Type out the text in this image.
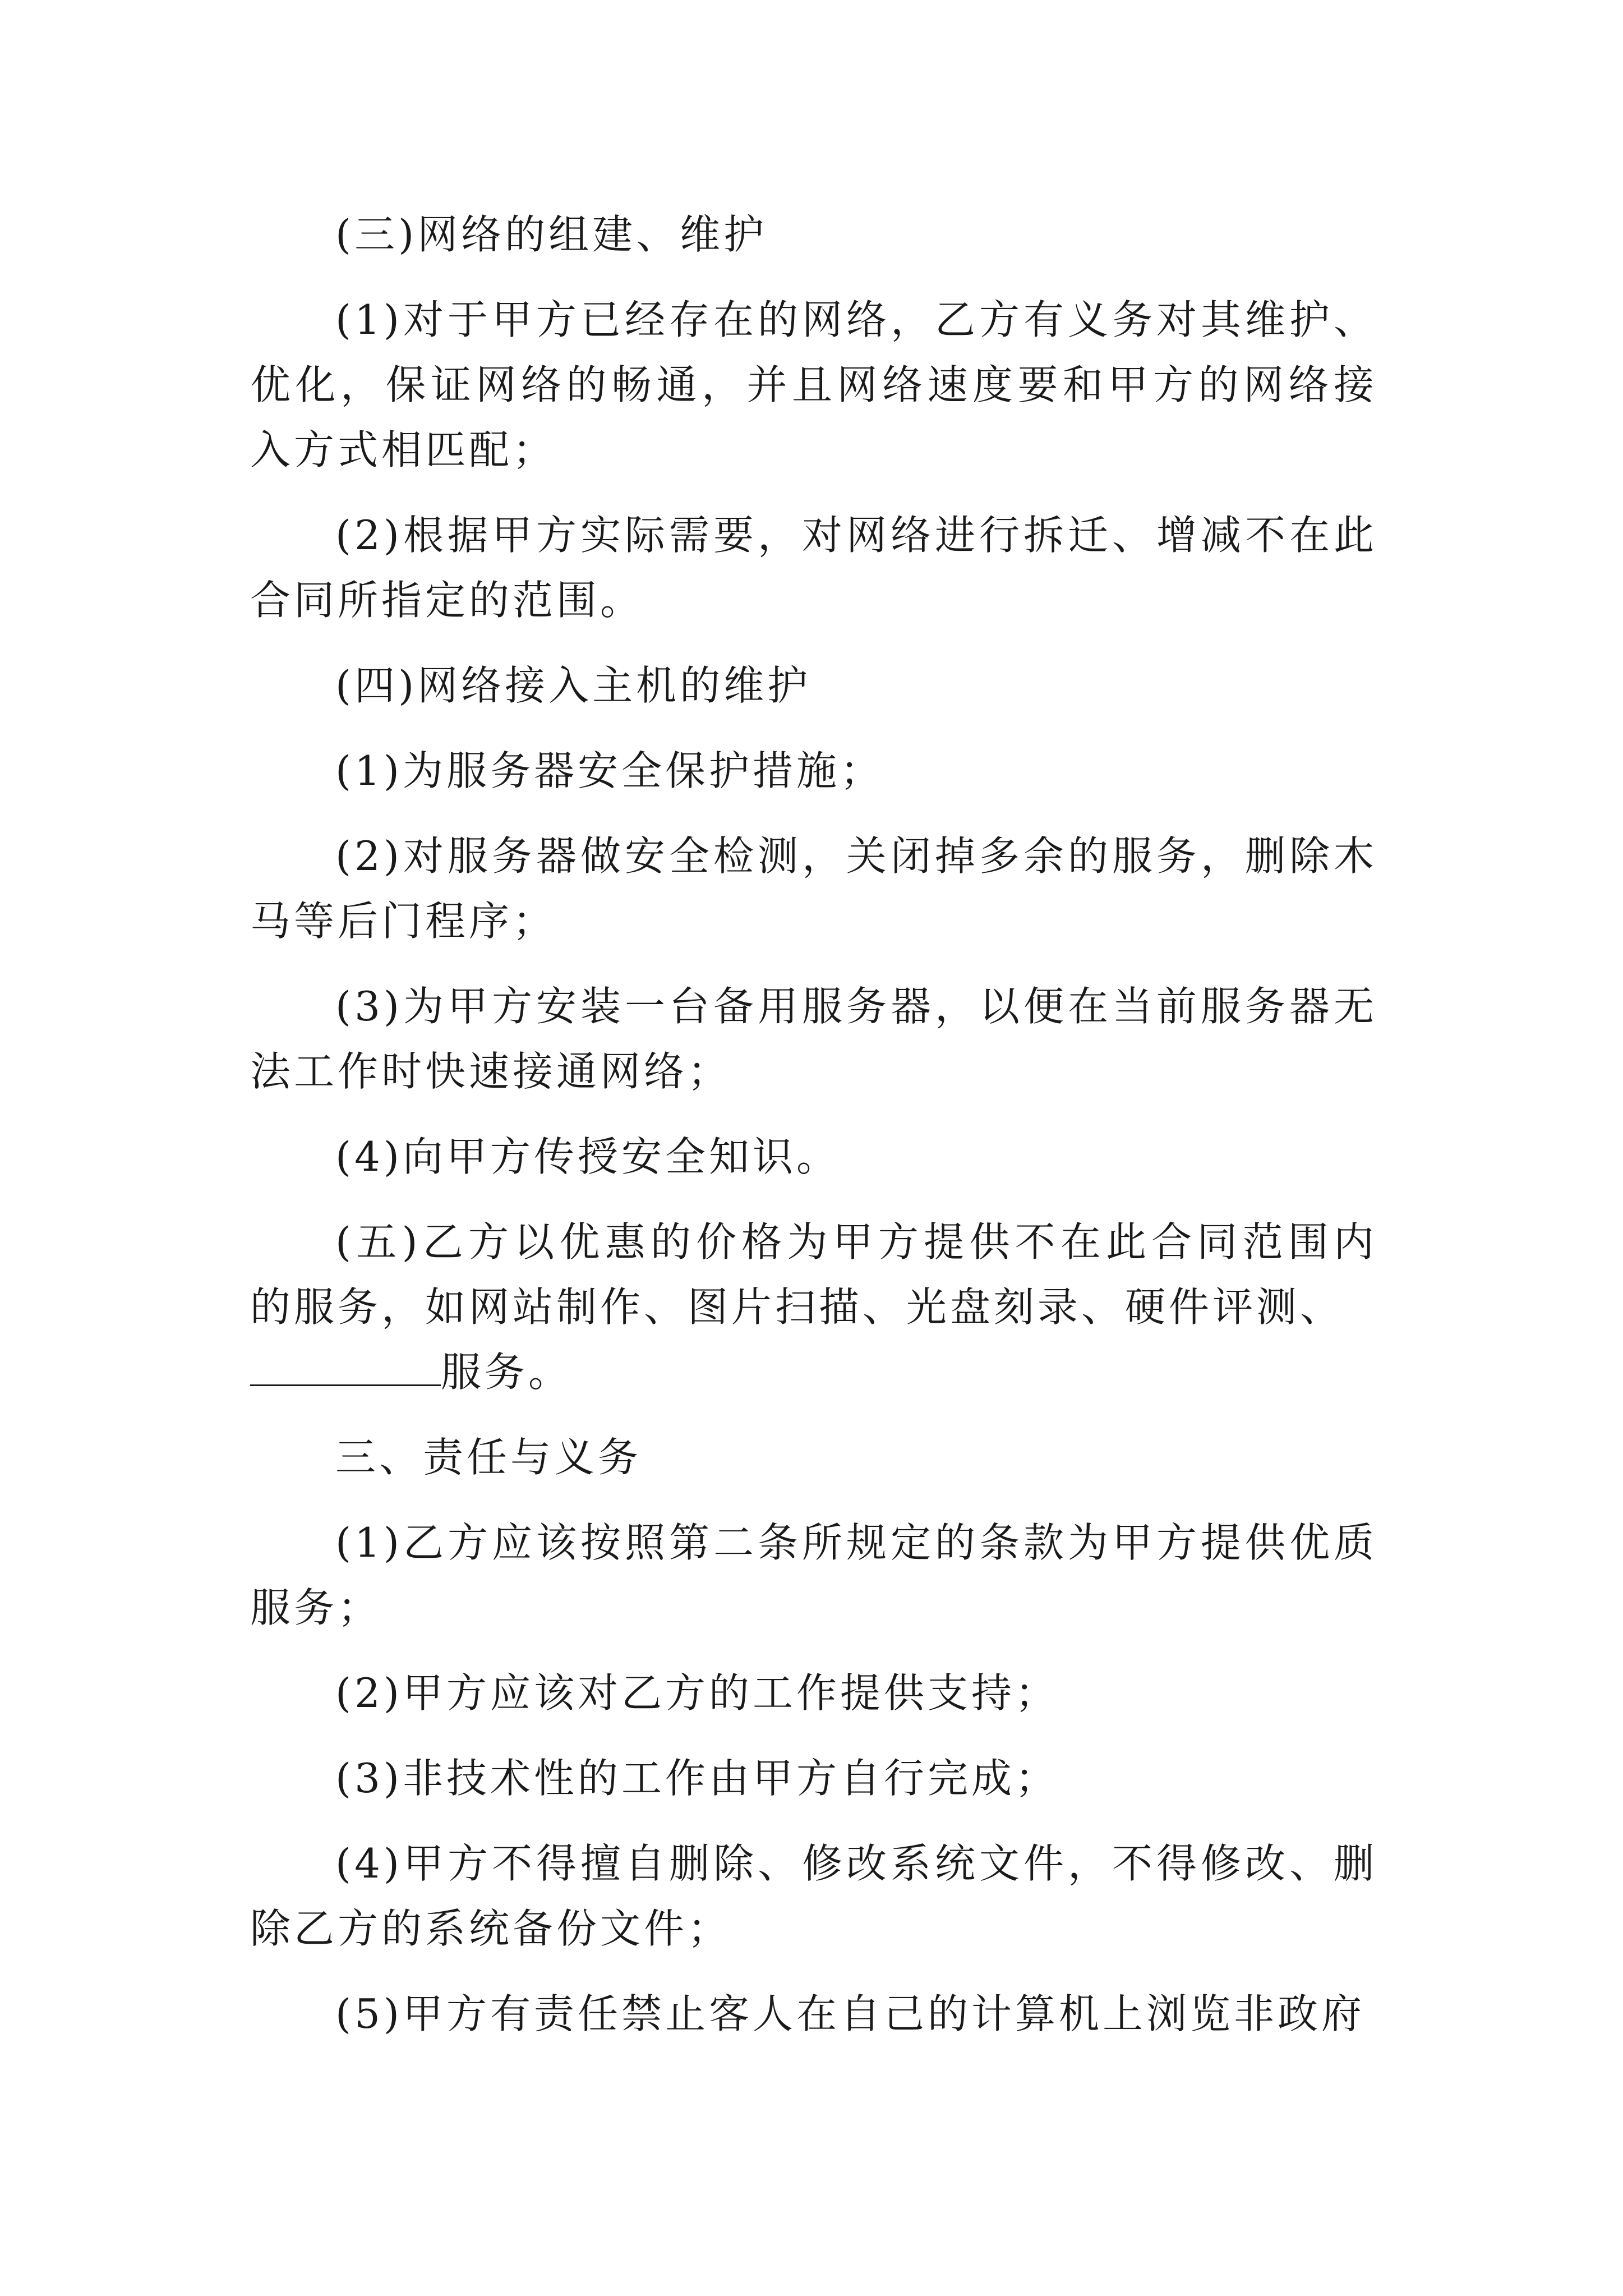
(三)网络的组建、维护

(1)对于甲方已经存在的网络，乙方有义务对其维护、优化，保证网络的畅通，并且网络速度要和甲方的网络接入方式相匹配；

(2)根据甲方实际需要，对网络进行拆迁、增减不在此合同所指定的范围。

(四)网络接入主机的维护

(1)为服务器安全保护措施；

(2)对服务器做安全检测，关闭掉多余的服务，删除木马等后门程序；

(3)为甲方安装一台备用服务器，以便在当前服务器无法工作时快速接通网络；

(4)向甲方传授安全知识。

(五)乙方以优惠的价格为甲方提供不在此合同范围内的服务，如网站制作、图片扫描、光盘刻录、硬件评测、

服务。

三、责任与义务

(1)乙方应该按照第二条所规定的条款为甲方提供优质服务；

(2)甲方应该对乙方的工作提供支持；

(3)非技术性的工作由甲方自行完成；

(4)甲方不得擅自删除、修改系统文件，不得修改、删除乙方的系统备份文件；

(5)甲方有责任禁止客人在自己的计算机上浏览非政府
